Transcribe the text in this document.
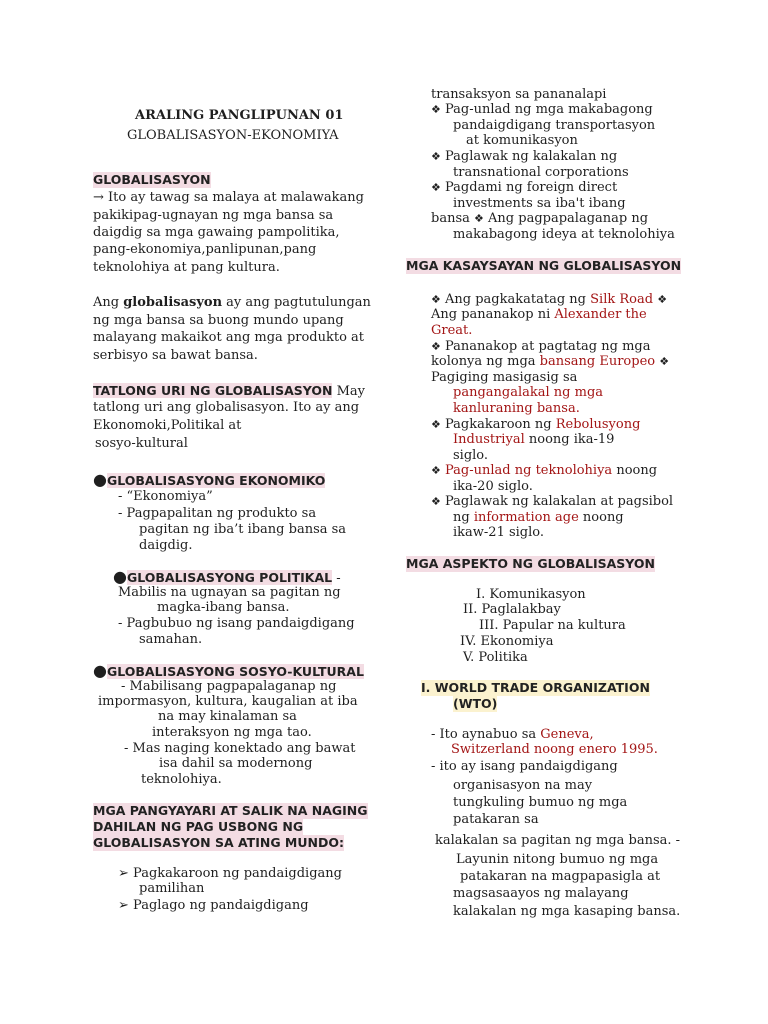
ARALING PANGLIPUNAN 01

GLOBALISASYON-EKONOMIYA

GLOBALISASYON

→ Ito ay tawag sa malaya at malawakang

pakikipag-ugnayan ng mga bansa sa

daigdig sa mga gawaing pampolitika,

pang-ekonomiya,panlipunan,pang

teknolohiya at pang kultura.

Ang globalisasyon ay ang pagtutulungan

ng mga bansa sa buong mundo upang

malayang makaikot ang mga produkto at

serbisyo sa bawat bansa.

TATLONG URI NG GLOBALISASYON May

tatlong uri ang globalisasyon. Ito ay ang

Ekonomoki,Politikal at

sosyo-kultural

●GLOBALISASYONG EKONOMIKO

- “Ekonomiya”

- Pagpapalitan ng produkto sa

pagitan ng iba’t ibang bansa sa

daigdig.

●GLOBALISASYONG POLITIKAL -

Mabilis na ugnayan sa pagitan ng

magka-ibang bansa.

- Pagbubuo ng isang pandaigdigang

samahan.

●GLOBALISASYONG SOSYO-KULTURAL

- Mabilisang pagpapalaganap ng

impormasyon, kultura, kaugalian at iba

na may kinalaman sa

interaksyon ng mga tao.

- Mas naging konektado ang bawat

isa dahil sa modernong

teknolohiya.

MGA PANGYAYARI AT SALIK NA NAGING

DAHILAN NG PAG USBONG NG

GLOBALISASYON SA ATING MUNDO:

➢ Pagkakaroon ng pandaigdigang

pamilihan

➢ Paglago ng pandaigdigang

transaksyon sa pananalapi

❖ Pag-unlad ng mga makabagong

pandaigdigang transportasyon

at komunikasyon

❖ Paglawak ng kalakalan ng

transnational corporations

❖ Pagdami ng foreign direct

investments sa iba't ibang

bansa ❖ Ang pagpapalaganap ng

makabagong ideya at teknolohiya

MGA KASAYSAYAN NG GLOBALISASYON

❖ Ang pagkakatatag ng Silk Road ❖

Ang pananakop ni Alexander the

Great.

❖ Pananakop at pagtatag ng mga

kolonya ng mga bansang Europeo ❖

Pagiging masigasig sa

pangangalakal ng mga

kanluraning bansa.

❖ Pagkakaroon ng Rebolusyong

Industriyal noong ika-19

siglo.

❖ Pag-unlad ng teknolohiya noong

ika-20 siglo.

❖ Paglawak ng kalakalan at pagsibol

ng information age noong

ikaw-21 siglo.

MGA ASPEKTO NG GLOBALISASYON

I. Komunikasyon

II. Paglalakbay

III. Papular na kultura

IV. Ekonomiya

V. Politika

I. WORLD TRADE ORGANIZATION

(WTO)

- Ito aynabuo sa Geneva,

Switzerland noong enero 1995.

- ito ay isang pandaigdigang

organisasyon na may

tungkuling bumuo ng mga

patakaran sa

kalakalan sa pagitan ng mga bansa. -

Layunin nitong bumuo ng mga

patakaran na magpapasigla at

magsasaayos ng malayang

kalakalan ng mga kasaping bansa.
